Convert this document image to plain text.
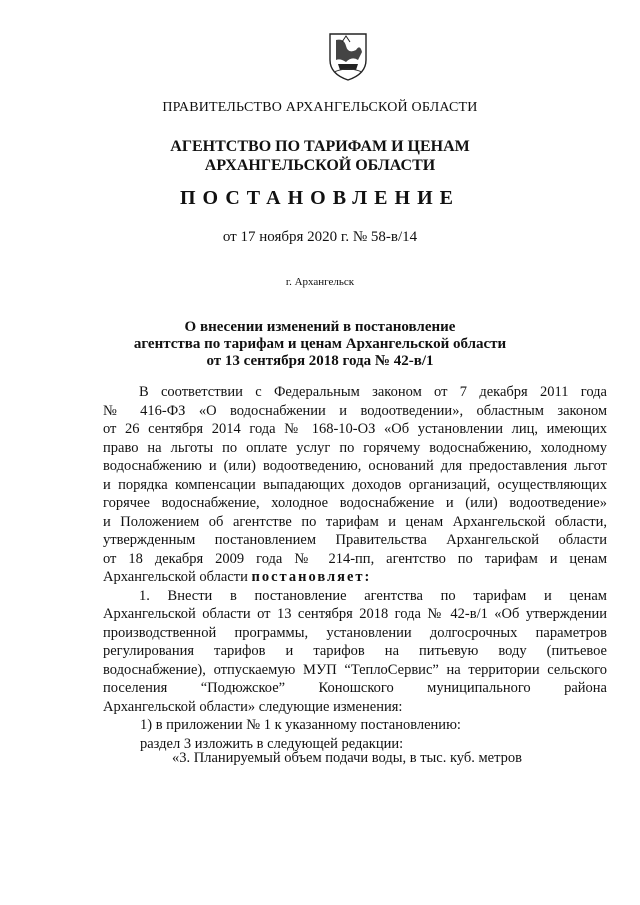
ПРАВИТЕЛЬСТВО АРХАНГЕЛЬСКОЙ ОБЛАСТИ
АГЕНТСТВО ПО ТАРИФАМ И ЦЕНАМ
АРХАНГЕЛЬСКОЙ ОБЛАСТИ
ПОСТАНОВЛЕНИЕ
от 17 ноября 2020 г. № 58-в/14
г. Архангельск
О внесении изменений в постановление
агентства по тарифам и ценам Архангельской области
от 13 сентября 2018 года № 42-в/1
В соответствии с Федеральным законом от 7 декабря 2011 года
№ 416-ФЗ «О водоснабжении и водоотведении», областным законом
от 26 сентября 2014 года № 168-10-ОЗ «Об установлении лиц, имеющих
право на льготы по оплате услуг по горячему водоснабжению, холодному
водоснабжению и (или) водоотведению, оснований для предоставления льгот
и порядка компенсации выпадающих доходов организаций, осуществляющих
горячее водоснабжение, холодное водоснабжение и (или) водоотведение»
и Положением об агентстве по тарифам и ценам Архангельской области,
утвержденным постановлением Правительства Архангельской области
от 18 декабря 2009 года № 214-пп, агентство по тарифам и ценам
Архангельской области постановляет:
1. Внести в постановление агентства по тарифам и ценам
Архангельской области от 13 сентября 2018 года № 42-в/1 «Об утверждении
производственной программы, установлении долгосрочных параметров
регулирования тарифов и тарифов на питьевую воду (питьевое
водоснабжение), отпускаемую МУП “ТеплоСервис” на территории сельского
поселения “Подюжское” Коношского муниципального района
Архангельской области» следующие изменения:
1) в приложении № 1 к указанному постановлению:
раздел 3 изложить в следующей редакции:
«3. Планируемый объем подачи воды, в тыс. куб. метров
